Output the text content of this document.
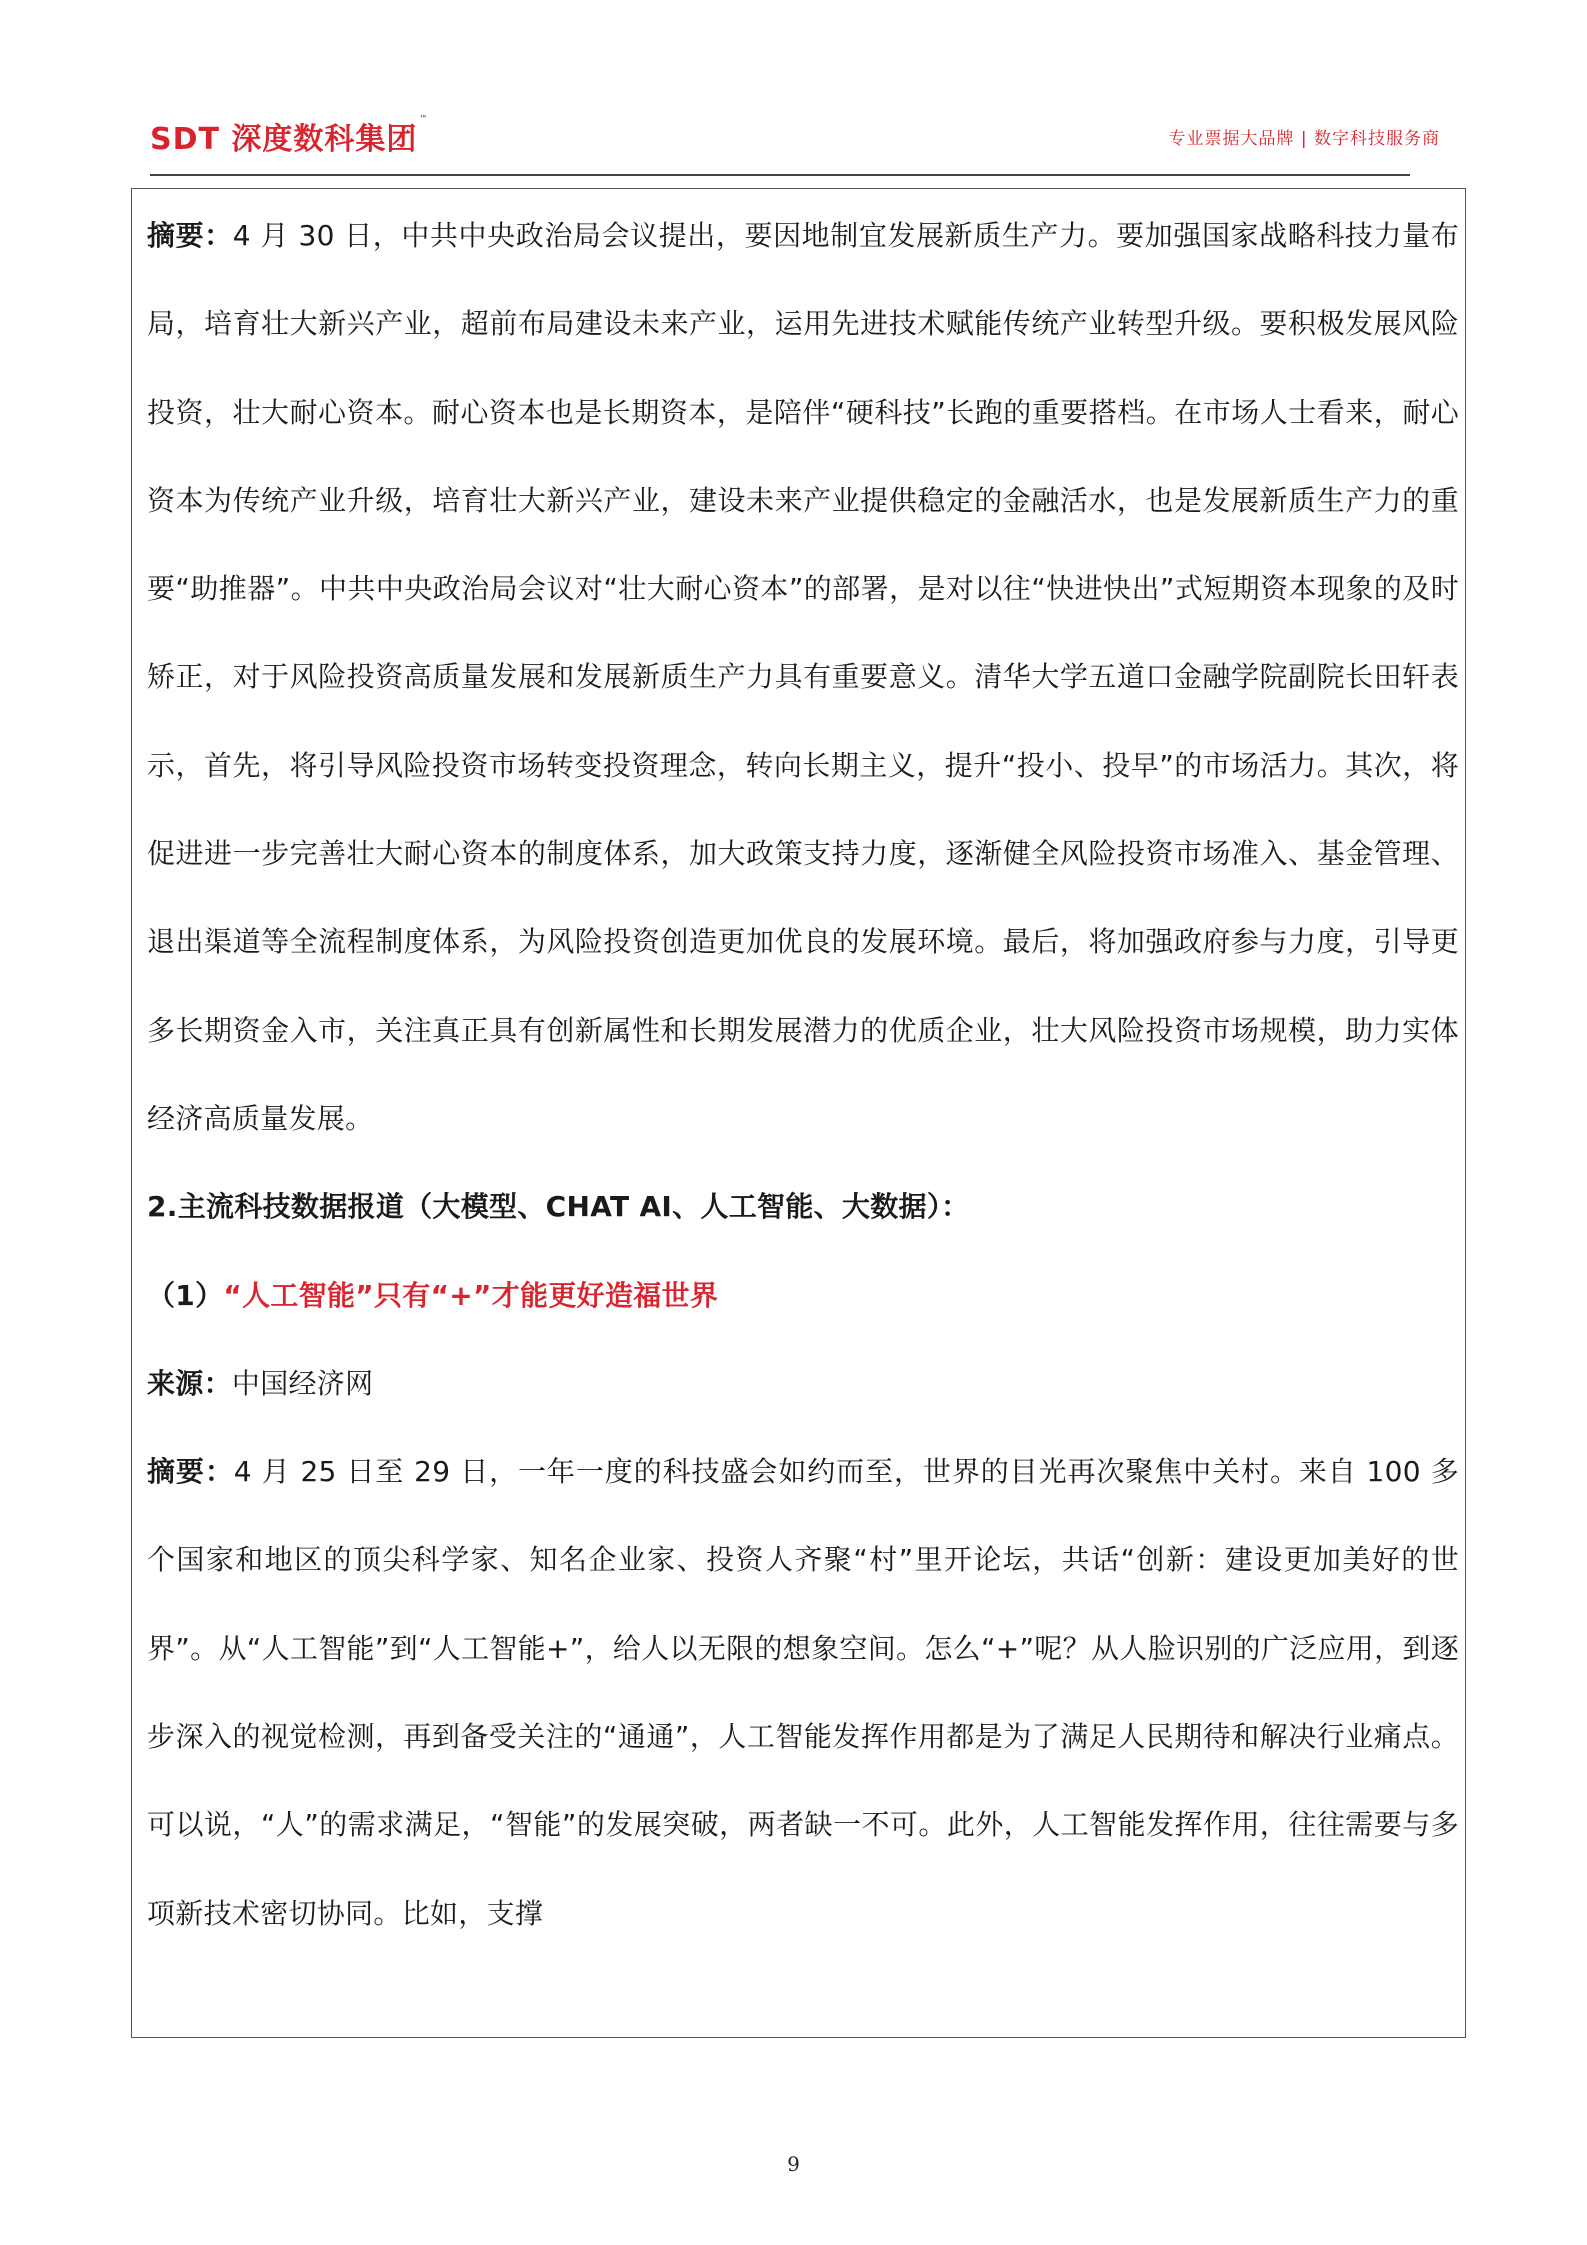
SDT 深度数科集团™
专业票据大品牌 | 数字科技服务商

摘要：4 月 30 日，中共中央政治局会议提出，要因地制宜发展新质生产力。要加强国家战略科技力量布局，培育壮大新兴产业，超前布局建设未来产业，运用先进技术赋能传统产业转型升级。要积极发展风险投资，壮大耐心资本。耐心资本也是长期资本，是陪伴“硬科技”长跑的重要搭档。在市场人士看来，耐心资本为传统产业升级，培育壮大新兴产业，建设未来产业提供稳定的金融活水，也是发展新质生产力的重要“助推器”。中共中央政治局会议对“壮大耐心资本”的部署，是对以往“快进快出”式短期资本现象的及时矫正，对于风险投资高质量发展和发展新质生产力具有重要意义。清华大学五道口金融学院副院长田轩表示，首先，将引导风险投资市场转变投资理念，转向长期主义，提升“投小、投早”的市场活力。其次，将促进进一步完善壮大耐心资本的制度体系，加大政策支持力度，逐渐健全风险投资市场准入、基金管理、退出渠道等全流程制度体系，为风险投资创造更加优良的发展环境。最后，将加强政府参与力度，引导更多长期资金入市，关注真正具有创新属性和长期发展潜力的优质企业，壮大风险投资市场规模，助力实体经济高质量发展。

2.主流科技数据报道（大模型、CHAT AI、人工智能、大数据）：

（1）“人工智能”只有“+”才能更好造福世界

来源：中国经济网

摘要：4 月 25 日至 29 日，一年一度的科技盛会如约而至，世界的目光再次聚焦中关村。来自 100 多个国家和地区的顶尖科学家、知名企业家、投资人齐聚“村”里开论坛，共话“创新：建设更加美好的世界”。从“人工智能”到“人工智能+”，给人以无限的想象空间。怎么“+”呢？从人脸识别的广泛应用，到逐步深入的视觉检测，再到备受关注的“通通”，人工智能发挥作用都是为了满足人民期待和解决行业痛点。可以说，“人”的需求满足，“智能”的发展突破，两者缺一不可。此外，人工智能发挥作用，往往需要与多项新技术密切协同。比如，支撑

9
